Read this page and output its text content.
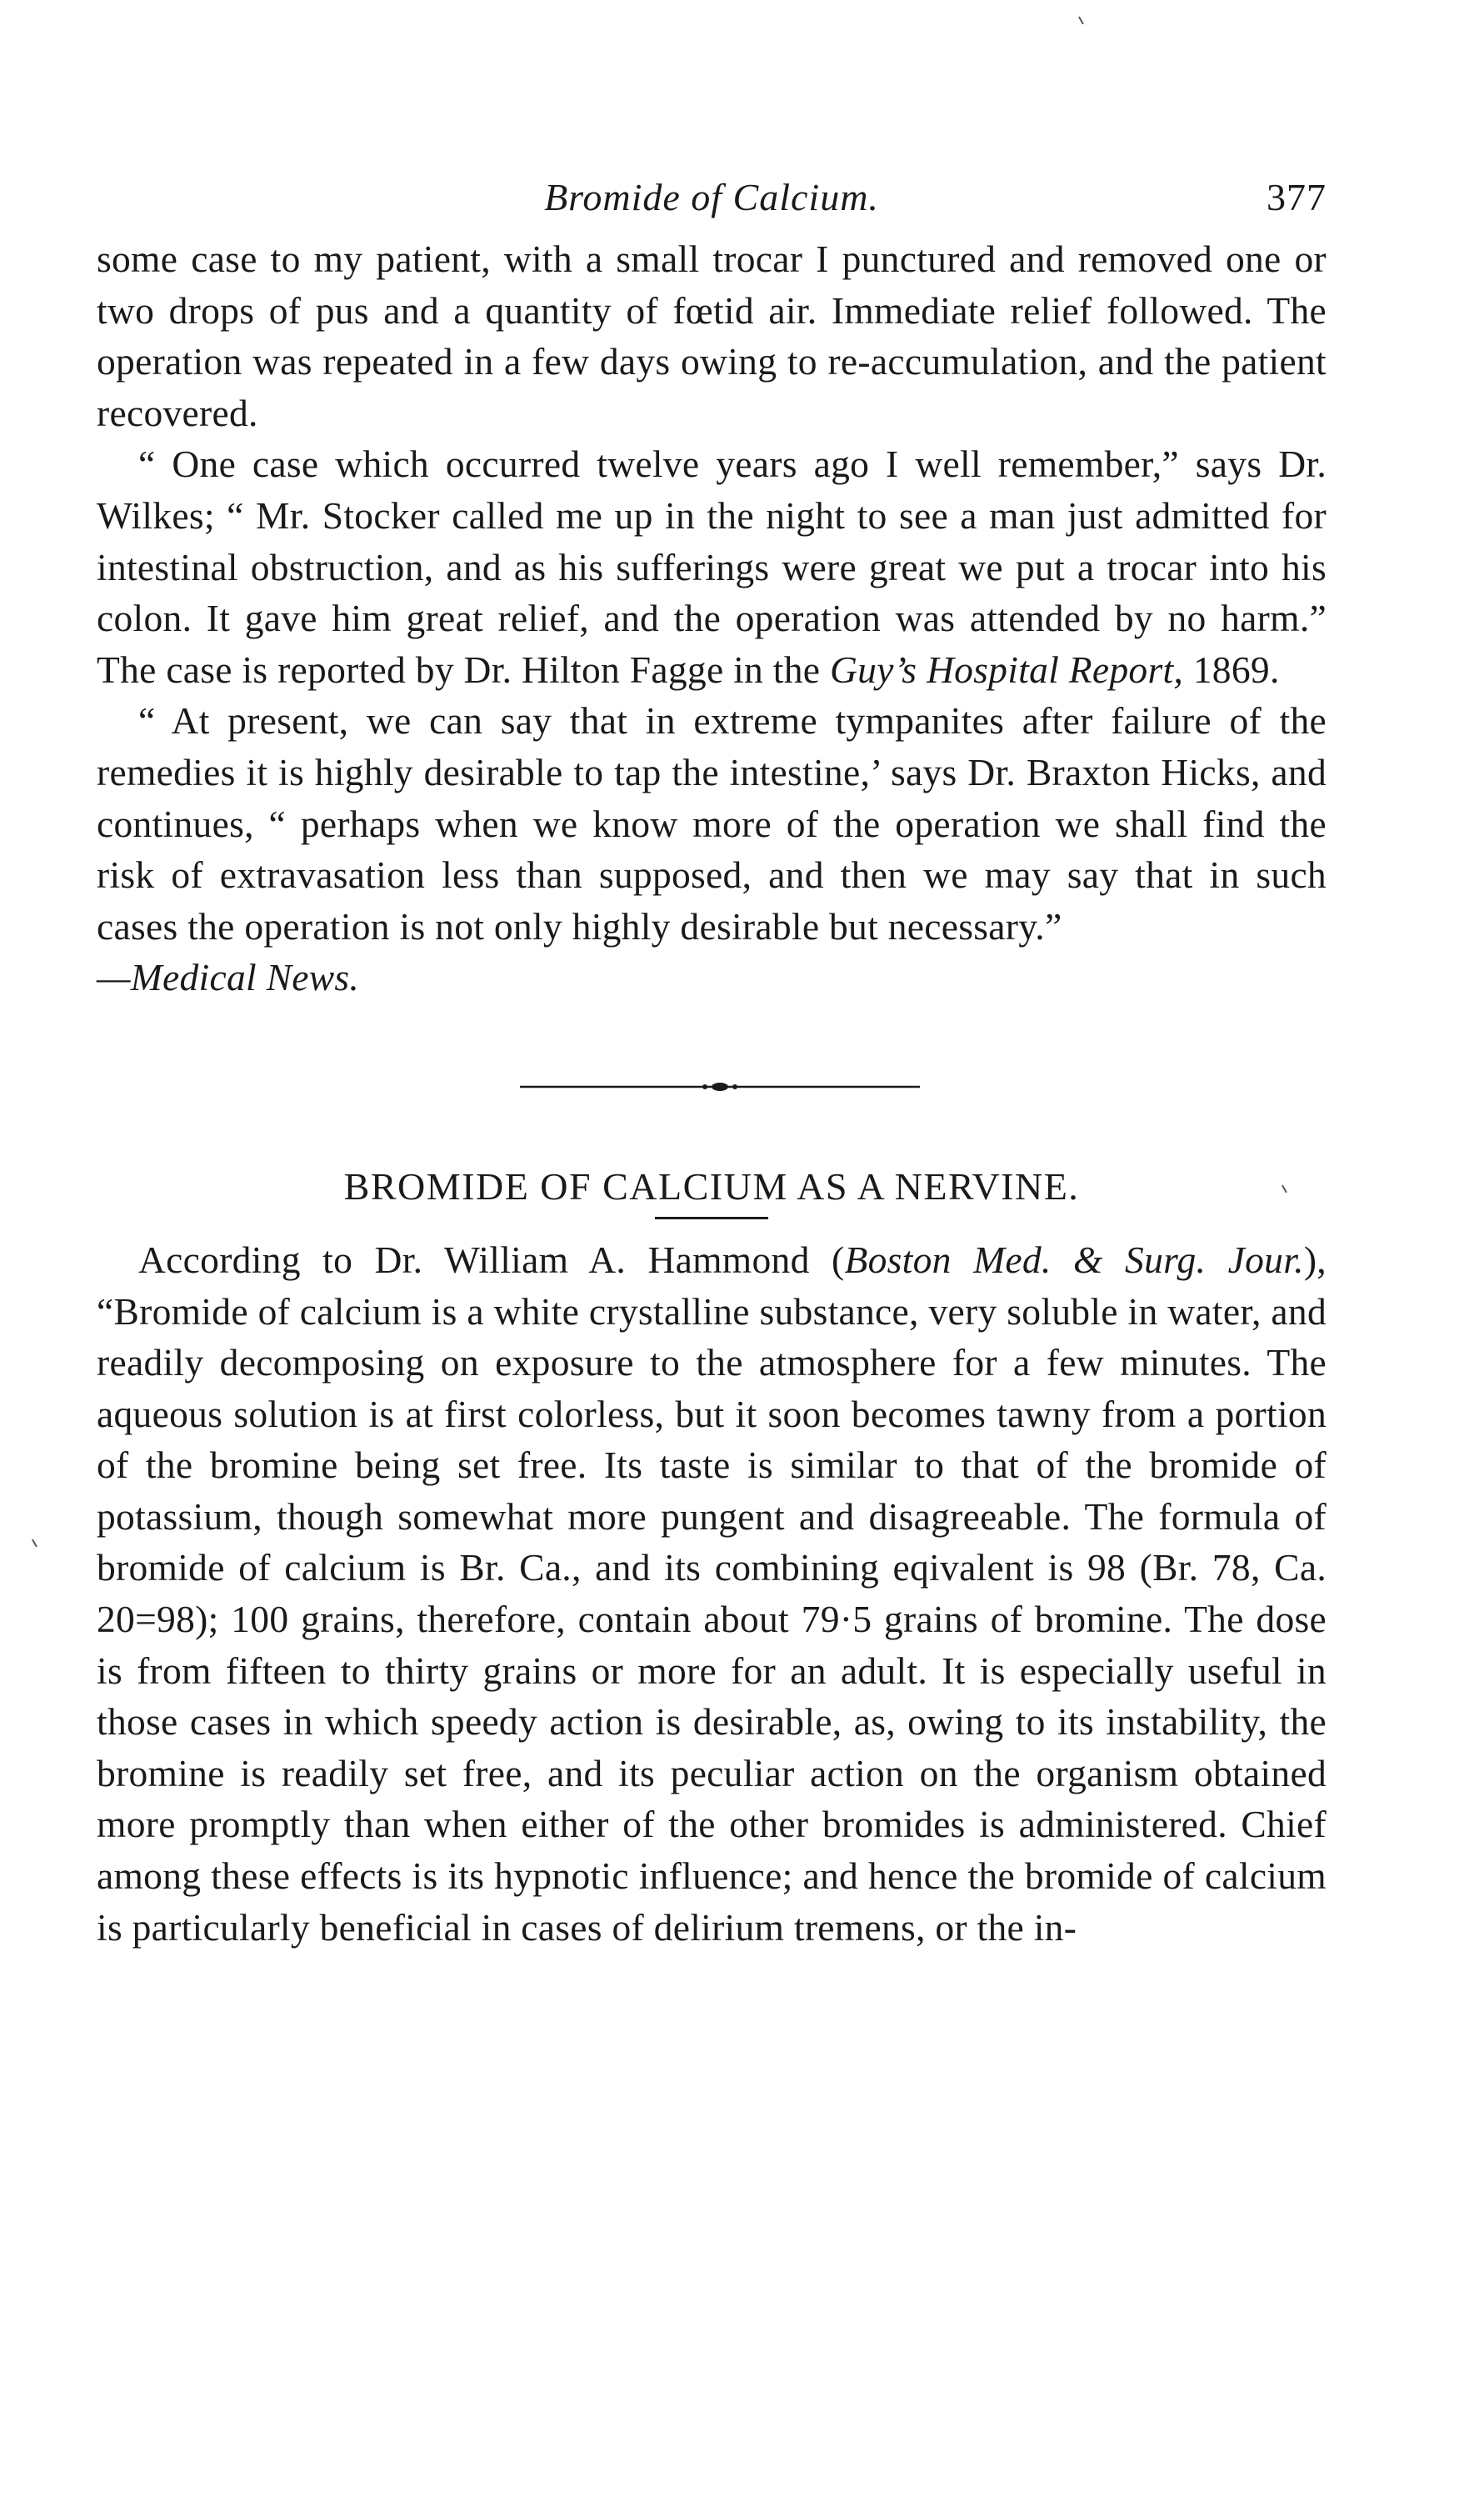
Bromide of Calcium.	377

some case to my patient, with a small trocar I punctured and removed one or two drops of pus and a quantity of fœtid air. Immediate relief followed. The operation was repeated in a few days owing to re-accumulation, and the patient recovered.

“ One case which occurred twelve years ago I well remember,” says Dr. Wilkes; “ Mr. Stocker called me up in the night to see a man just admitted for intestinal obstruction, and as his sufferings were great we put a trocar into his colon. It gave him great relief, and the operation was attended by no harm.” The case is reported by Dr. Hilton Fagge in the Guy’s Hospital Report, 1869.

“ At present, we can say that in extreme tympanites after failure of the remedies it is highly desirable to tap the intestine,’ says Dr. Braxton Hicks, and continues, “ perhaps when we know more of the operation we shall find the risk of extravasation less than supposed, and then we may say that in such cases the operation is not only highly desirable but necessary.”

—Medical News.

BROMIDE OF CALCIUM AS A NERVINE.

According to Dr. William A. Hammond (Boston Med. & Surg. Jour.), “Bromide of calcium is a white crystalline substance, very soluble in water, and readily decomposing on exposure to the atmosphere for a few minutes. The aqueous solution is at first colorless, but it soon becomes tawny from a portion of the bromine being set free. Its taste is similar to that of the bromide of potassium, though somewhat more pungent and disagreeable. The formula of bromide of calcium is Br. Ca., and its combining eqivalent is 98 (Br. 78, Ca. 20=98); 100 grains, therefore, contain about 79·5 grains of bromine. The dose is from fifteen to thirty grains or more for an adult. It is especially useful in those cases in which speedy action is desirable, as, owing to its instability, the bromine is readily set free, and its peculiar action on the organism obtained more promptly than when either of the other bromides is administered. Chief among these effects is its hypnotic influence; and hence the bromide of calcium is particularly beneficial in cases of delirium tremens, or the in-
